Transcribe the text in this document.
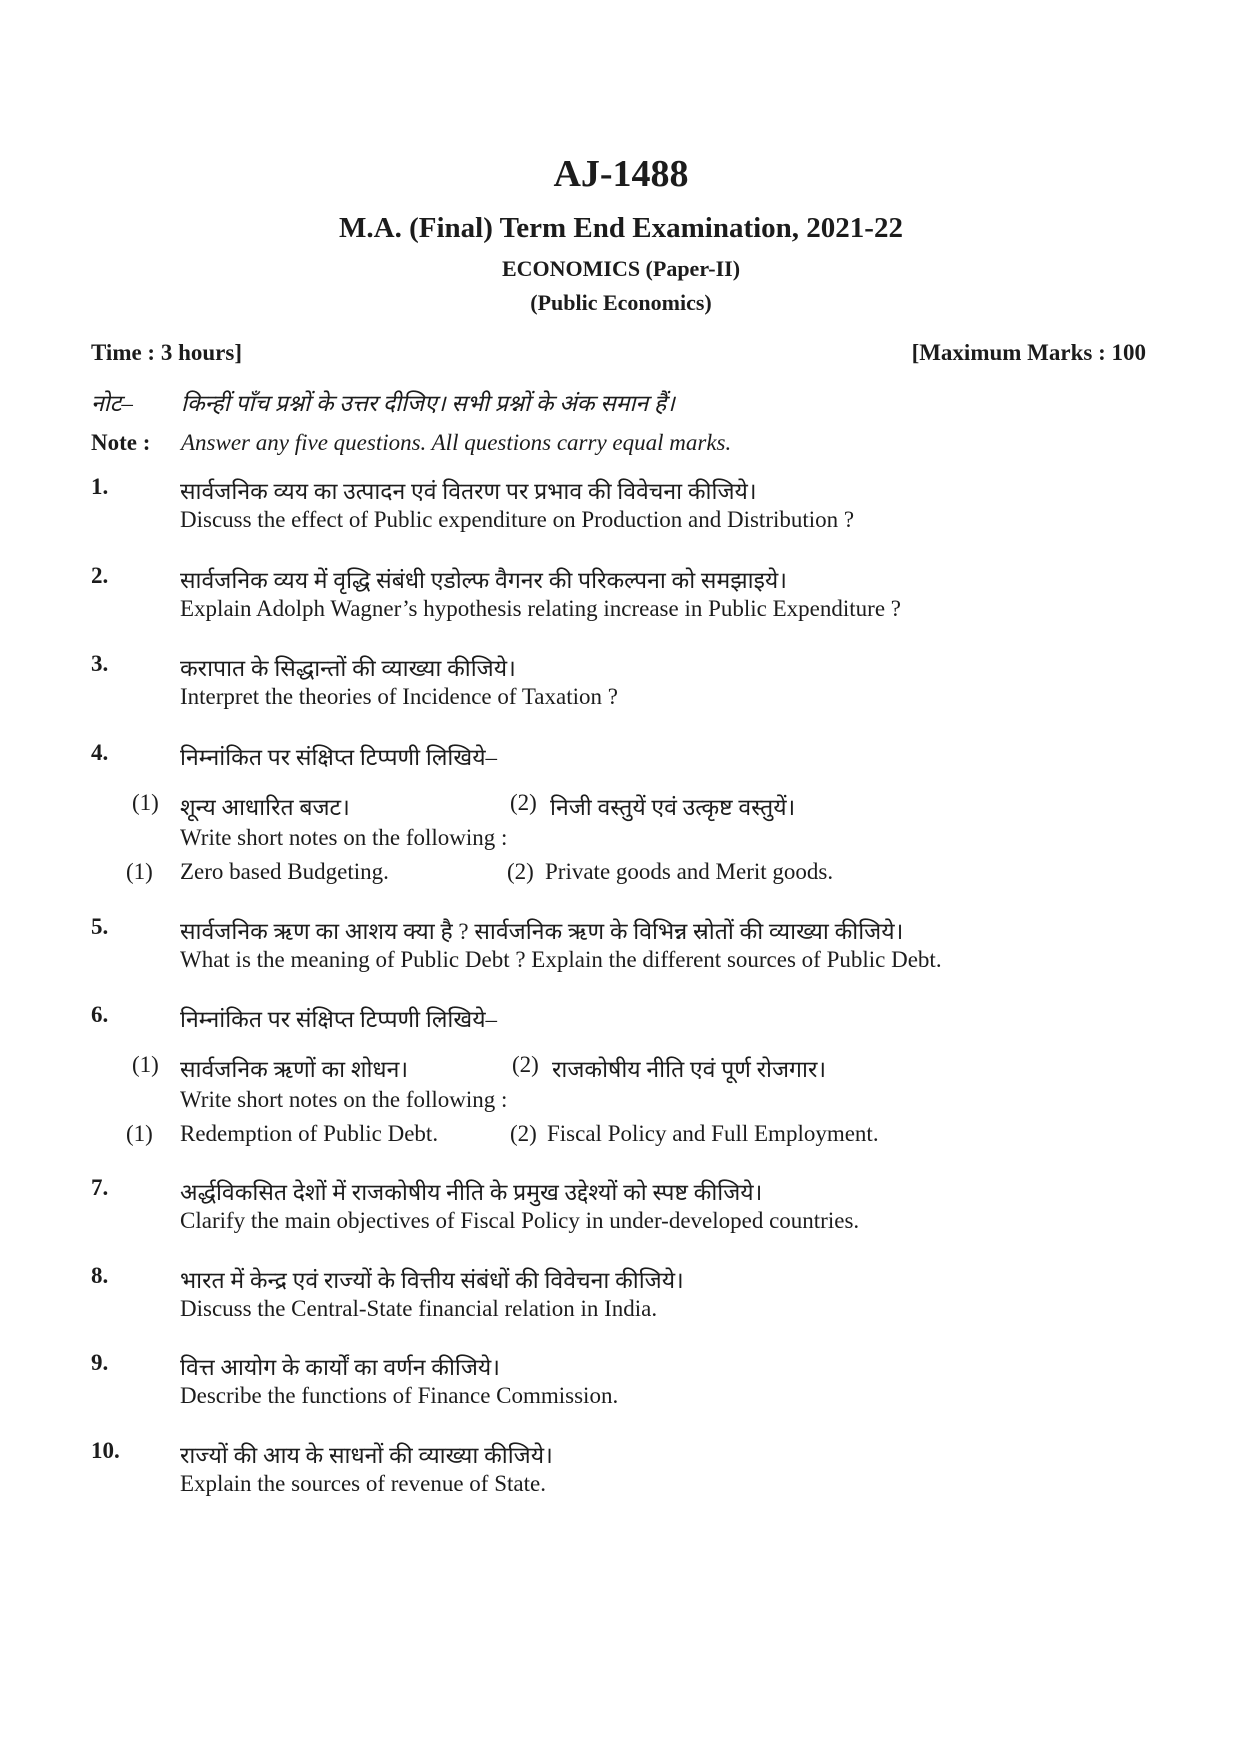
AJ-1488
M.A. (Final) Term End Examination, 2021-22
ECONOMICS (Paper-II)
(Public Economics)
Time : 3 hours]	[Maximum Marks : 100
नोट– किन्हीं पाँच प्रश्नों के उत्तर दीजिए। सभी प्रश्नों के अंक समान हैं।
Note : Answer any five questions. All questions carry equal marks.
1.	सार्वजनिक व्यय का उत्पादन एवं वितरण पर प्रभाव की विवेचना कीजिये।
Discuss the effect of Public expenditure on Production and Distribution ?
2.	सार्वजनिक व्यय में वृद्धि संबंधी एडोल्फ वैगनर की परिकल्पना को समझाइये।
Explain Adolph Wagner’s hypothesis relating increase in Public Expenditure ?
3.	करापात के सिद्धान्तों की व्याख्या कीजिये।
Interpret the theories of Incidence of Taxation ?
4.	निम्नांकित पर संक्षिप्त टिप्पणी लिखिये–
(1) शून्य आधारित बजट।	(2) निजी वस्तुयें एवं उत्कृष्ट वस्तुयें।
Write short notes on the following :
(1) Zero based Budgeting.	(2) Private goods and Merit goods.
5.	सार्वजनिक ऋण का आशय क्या है ? सार्वजनिक ऋण के विभिन्न स्रोतों की व्याख्या कीजिये।
What is the meaning of Public Debt ? Explain the different sources of Public Debt.
6.	निम्नांकित पर संक्षिप्त टिप्पणी लिखिये–
(1) सार्वजनिक ऋणों का शोधन।	(2) राजकोषीय नीति एवं पूर्ण रोजगार।
Write short notes on the following :
(1) Redemption of Public Debt.	(2) Fiscal Policy and Full Employment.
7.	अर्द्धविकसित देशों में राजकोषीय नीति के प्रमुख उद्देश्यों को स्पष्ट कीजिये।
Clarify the main objectives of Fiscal Policy in under-developed countries.
8.	भारत में केन्द्र एवं राज्यों के वित्तीय संबंधों की विवेचना कीजिये।
Discuss the Central-State financial relation in India.
9.	वित्त आयोग के कार्यों का वर्णन कीजिये।
Describe the functions of Finance Commission.
10.	राज्यों की आय के साधनों की व्याख्या कीजिये।
Explain the sources of revenue of State.
